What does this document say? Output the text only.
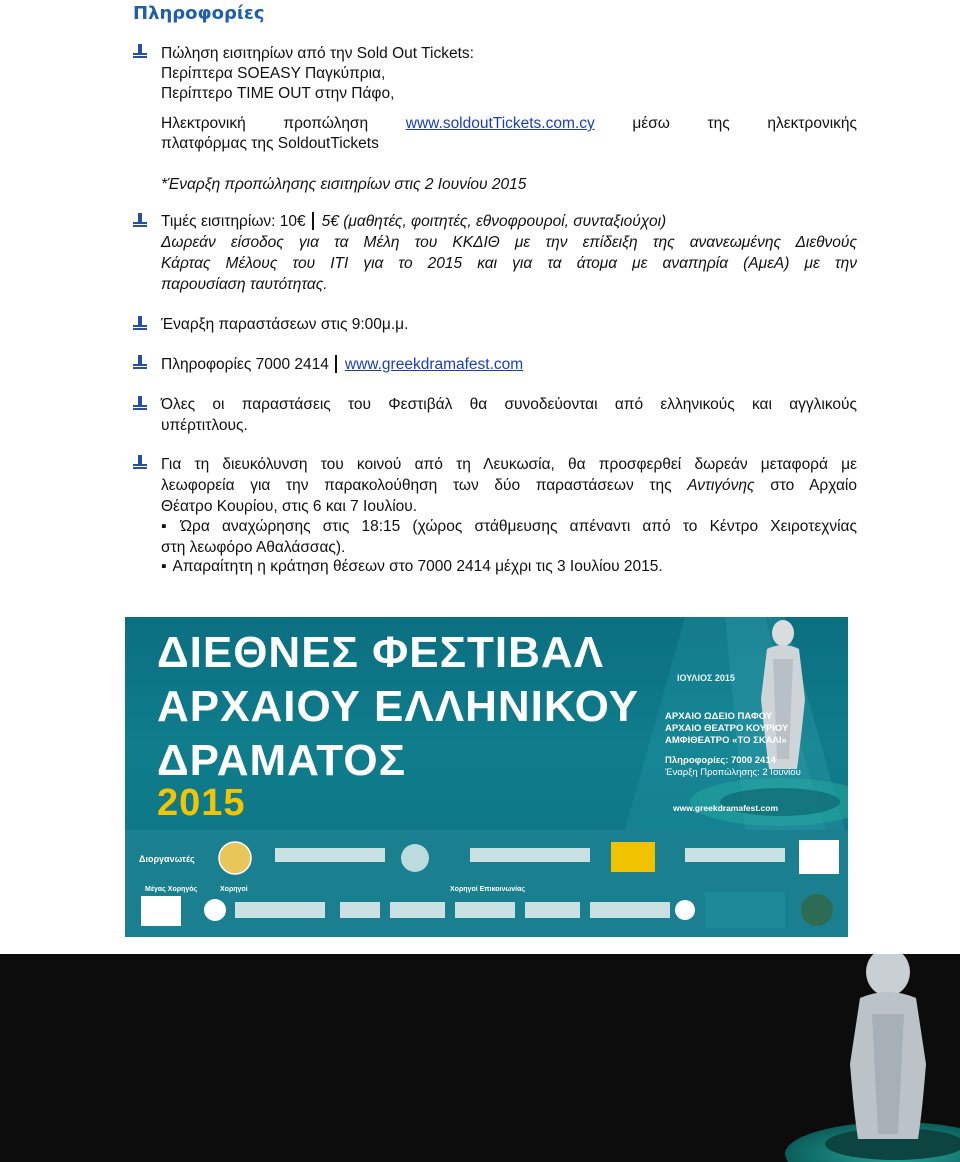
Πληροφορίες
Πώληση εισιτηρίων από την Sold Out Tickets:
Περίπτερα SOEASY Παγκύπρια,
Περίπτερο TIME OUT στην Πάφο,
Ηλεκτρονική προπώληση www.soldoutTickets.com.cy μέσω της ηλεκτρονικής
πλατφόρμας της SoldoutTickets
*Έναρξη προπώλησης εισιτηρίων στις 2 Ιουνίου 2015
Τιμές εισιτηρίων: 10€ 5€ (μαθητές, φοιτητές, εθνοφρουροί, συνταξιούχοι)
Δωρεάν είσοδος για τα Μέλη του ΚΚΔΙΘ με την επίδειξη της ανανεωμένης Διεθνούς
Κάρτας Μέλους του ΙΤΙ για το 2015 και για τα άτομα με αναπηρία (ΑμεΑ) με την
παρουσίαση ταυτότητας.
Έναρξη παραστάσεων στις 9:00μ.μ.
Πληροφορίες 7000 2414 www.greekdramafest.com
Όλες οι παραστάσεις του Φεστιβάλ θα συνοδεύονται από ελληνικούς και αγγλικούς
υπέρτιτλους.
Για τη διευκόλυνση του κοινού από τη Λευκωσία, θα προσφερθεί δωρεάν μεταφορά με
λεωφορεία για την παρακολούθηση των δύο παραστάσεων της Αντιγόνης στο Αρχαίο
Θέατρο Κουρίου, στις 6 και 7 Ιουλίου.
▪ Ώρα αναχώρησης στις 18:15 (χώρος στάθμευσης απέναντι από το Κέντρο Χειροτεχνίας
στη λεωφόρο Αθαλάσσας).
▪ Απαραίτητη η κράτηση θέσεων στο 7000 2414 μέχρι τις 3 Ιουλίου 2015.
ΔΙΕΘΝΕΣ ΦΕΣΤΙΒΑΛ
ΑΡΧΑΙΟΥ ΕΛΛΗΝΙΚΟΥ
ΔΡΑΜΑΤΟΣ
2015
ΙΟΥΛΙΟΣ 2015
ΑΡΧΑΙΟ ΩΔΕΙΟ ΠΑΦΟΥ
ΑΡΧΑΙΟ ΘΕΑΤΡΟ ΚΟΥΡΙΟΥ
ΑΜΦΙΘΕΑΤΡΟ «ΤΟ ΣΚΑΛΙ»
Πληροφορίες: 7000 2414
Έναρξη Προπώλησης: 2 Ιουνίου
www.greekdramafest.com
Διοργανωτές
Μέγας Χορηγός	Χορηγοί	Χορηγοί Επικοινωνίας
